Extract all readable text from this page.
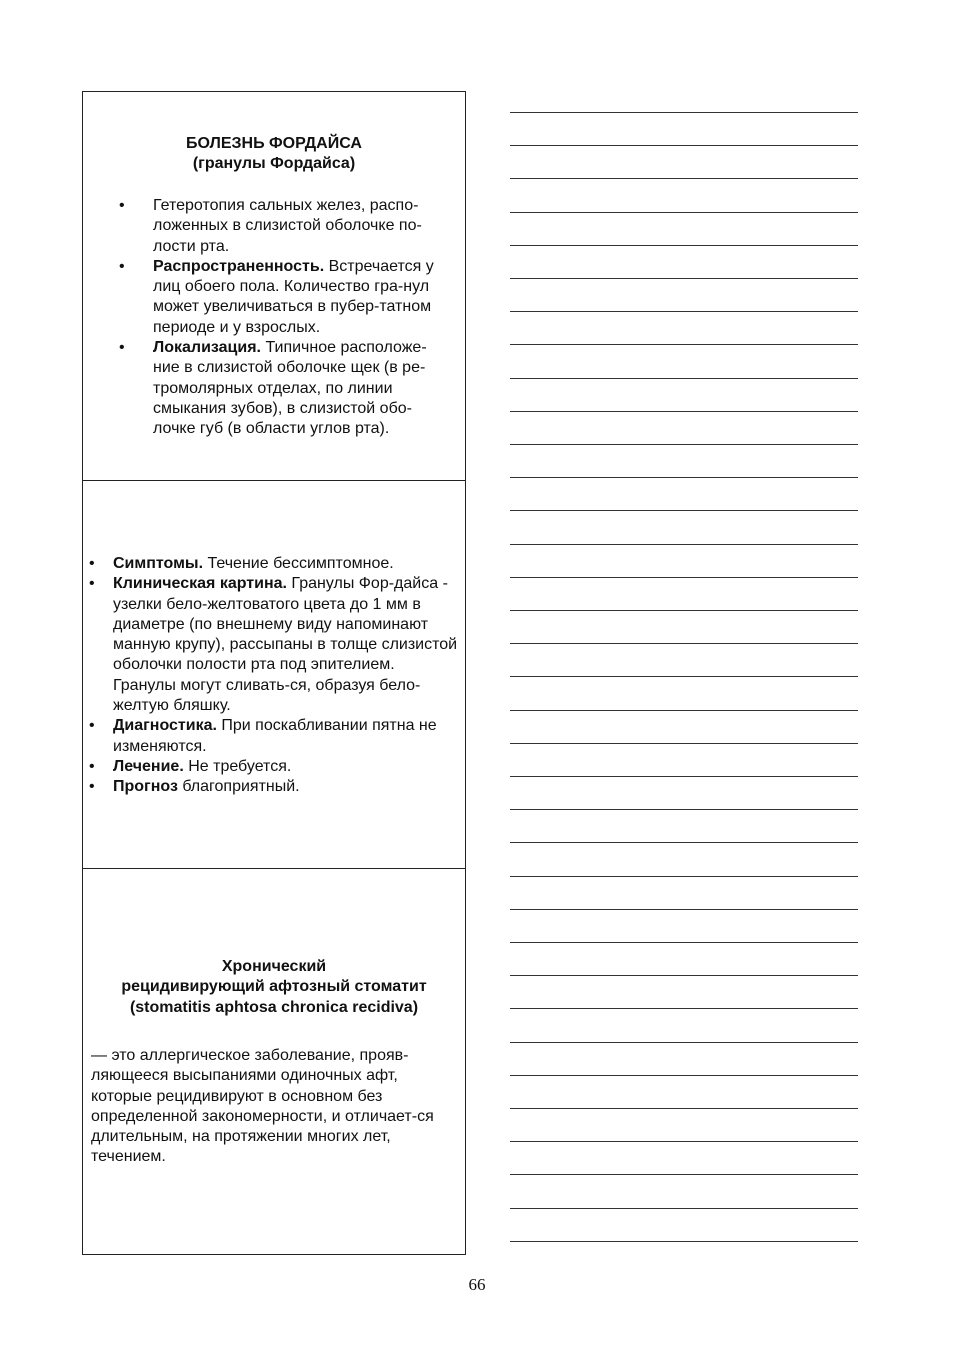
БОЛЕЗНЬ ФОРДАЙСА
(гранулы Фордайса)
•	Гетеротопия сальных желез, распо-ложенных в слизистой оболочке по-лости рта.
•	Распространенность. Встречается у лиц обоего пола. Количество гра-нул может увеличиваться в пубер-татном периоде и у взрослых.
•	Локализация. Типичное расположе-ние в слизистой оболочке щек (в ре-тромолярных отделах, по линии смыкания зубов), в слизистой обо-лочке губ (в области углов рта).
•	Симптомы. Течение бессимптомное.
•	Клиническая картина. Гранулы Фор-дайса - узелки бело-желтоватого цвета до 1 мм в диаметре (по внешнему виду напоминают манную крупу), рассыпаны в толще слизистой оболочки полости рта под эпителием. Гранулы могут сливать-ся, образуя бело-желтую бляшку.
•	Диагностика. При поскабливании пятна не изменяются.
•	Лечение. Не требуется.
•	Прогноз благоприятный.
Хронический
рецидивирующий афтозный стоматит
(stomatitis aphtosa chronica recidiva)
— это аллергическое заболевание, прояв-ляющееся высыпаниями одиночных афт, которые рецидивируют в основном без определенной закономерности, и отличает-ся длительным, на протяжении многих лет, течением.
66
